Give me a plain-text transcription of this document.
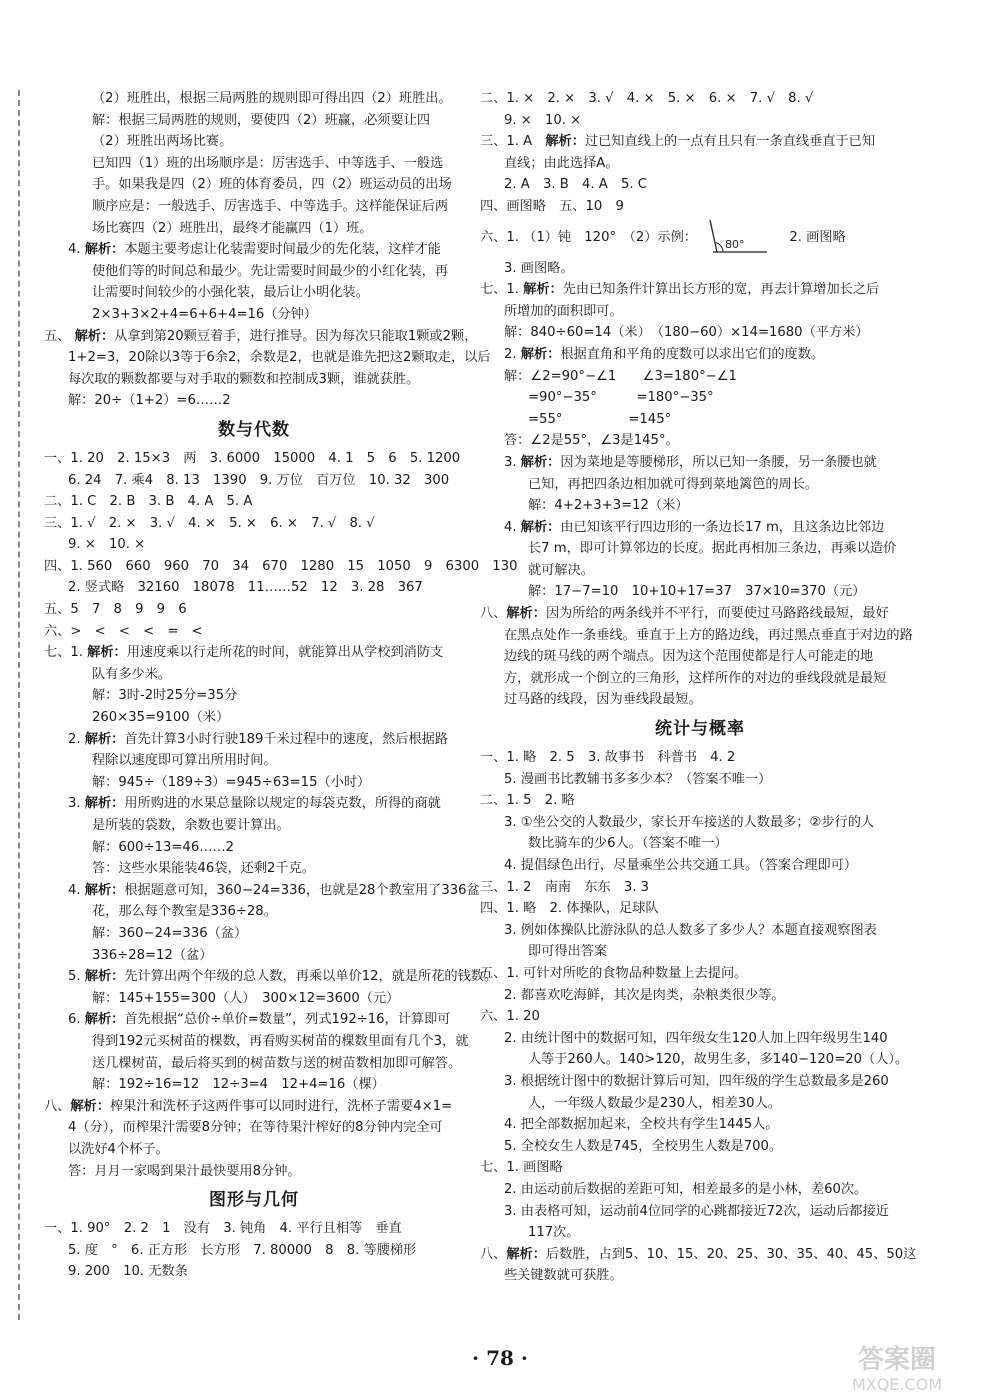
（2）班胜出，根据三局两胜的规则即可得出四（2）班胜出。
解：根据三局两胜的规则，要使四（2）班赢，必须要让四
（2）班胜出两场比赛。
已知四（1）班的出场顺序是：厉害选手、中等选手、一般选
手。如果我是四（2）班的体育委员，四（2）班运动员的出场
顺序应是：一般选手、厉害选手、中等选手。这样能保证后两
场比赛四（2）班胜出，最终才能赢四（1）班。
4. 解析：本题主要考虑让化装需要时间最少的先化装，这样才能
使他们等的时间总和最少。先让需要时间最少的小红化装，再
让需要时间较少的小强化装，最后让小明化装。
2×3+3×2+4=6+6+4=16（分钟）
五、 解析：从拿到第20颗豆着手，进行推导。因为每次只能取1颗或2颗，
1+2=3，20除以3等于6余2，余数是2，也就是谁先把这2颗取走，以后
每次取的颗数都要与对手取的颗数和控制成3颗，谁就获胜。
解：20÷（1+2）=6……2
数与代数
一、1. 20　2. 15×3　两　3. 6000　15000　4. 1　5　6　5. 1200
6. 24　7. 乘4　8. 13　1390　9. 万位　百万位　10. 32　300
二、1. C　2. B　3. B　4. A　5. A
三、1. √　2. ×　3. √　4. ×　5. ×　6. ×　7. √　8. √
9. ×　10. ×
四、1. 560　660　960　70　34　670　1280　15　1050　9　6300　130
2. 竖式略　32160　18078　11……52　12　3. 28　367
五、5　7　8　9　9　6
六、>　<　<　<　=　<
七、1. 解析：用速度乘以行走所花的时间，就能算出从学校到消防支
队有多少米。
解：3时-2时25分=35分
260×35=9100（米）
2. 解析：首先计算3小时行驶189千米过程中的速度，然后根据路
程除以速度即可算出所用时间。
解：945÷（189÷3）=945÷63=15（小时）
3. 解析：用所购进的水果总量除以规定的每袋克数，所得的商就
是所装的袋数，余数也要计算出。
解：600÷13=46……2
答：这些水果能装46袋，还剩2千克。
4. 解析：根据题意可知，360−24=336，也就是28个教室用了336盆
花，那么每个教室是336÷28。
解：360−24=336（盆）
336÷28=12（盆）
5. 解析：先计算出两个年级的总人数，再乘以单价12，就是所花的钱数。
解：145+155=300（人）　300×12=3600（元）
6. 解析：首先根据“总价÷单价=数量”，列式192÷16，计算即可
得到192元买树苗的棵数，再看购买树苗的棵数里面有几个3，就
送几棵树苗，最后将买到的树苗数与送的树苗数相加即可解答。
解：192÷16=12　12÷3=4　12+4=16（棵）
八、解析：榨果汁和洗杯子这两件事可以同时进行，洗杯子需要4×1=
4（分），而榨果汁需要8分钟；在等待果汁榨好的8分钟内完全可
以洗好4个杯子。
答：月月一家喝到果汁最快要用8分钟。
图形与几何
一、1. 90°　2. 2　1　没有　3. 钝角　4. 平行且相等　垂直
5. 度　°　6. 正方形　长方形　7. 80000　8　8. 等腰梯形
9. 200　10. 无数条
二、1. ×　2. ×　3. √　4. ×　5. ×　6. ×　7. √　8. √
9. ×　10. ×
三、1. A　解析：过已知直线上的一点有且只有一条直线垂直于已知
直线；由此选择A。
2. A　3. B　4. A　5. C
四、画图略　五、10　9
六、1. （1）钝　120°　（2）示例：	80°	2. 画图略
3. 画图略。
七、1. 解析：先由已知条件计算出长方形的宽，再去计算增加长之后
所增加的面积即可。
解：840÷60=14（米）　（180−60）×14=1680（平方米）
2. 解析：根据直角和平角的度数可以求出它们的度数。
解：∠2=90°−∠1　　∠3=180°−∠1
=90°−35°　　　=180°−35°
=55°　　　　　=145°
答：∠2是55°，∠3是145°。
3. 解析：因为菜地是等腰梯形，所以已知一条腰，另一条腰也就
已知，再把四条边相加就可得到菜地篱笆的周长。
解：4+2+3+3=12（米）
4. 解析：由已知该平行四边形的一条边长17 m，且这条边比邻边
长7 m，即可计算邻边的长度。据此再相加三条边，再乘以造价
就可解决。
解：17−7=10　10+10+17=37　37×10=370（元）
八、解析：因为所给的两条线并不平行，而要使过马路路线最短，最好
在黑点处作一条垂线。垂直于上方的路边线，再过黑点垂直于对边的路
边线的斑马线的两个端点。因为这个范围使都是行人可能走的地
方，就形成一个倒立的三角形，这样所作的对边的垂线段就是最短
过马路的线段，因为垂线段最短。
统计与概率
一、1. 略　2. 5　3. 故事书　科普书　4. 2
5. 漫画书比教辅书多多少本？（答案不唯一）
二、1. 5　2. 略
3. ①坐公交的人数最少，家长开车接送的人数最多；②步行的人
数比骑车的少6人。（答案不唯一）
4. 提倡绿色出行，尽量乘坐公共交通工具。（答案合理即可）
三、1. 2　南南　东东　3. 3
四、1. 略　2. 体操队，足球队
3. 例如体操队比游泳队的总人数多了多少人？本题直接观察图表
即可得出答案
五、1. 可针对所吃的食物品种数量上去提问。
2. 都喜欢吃海鲜，其次是肉类，杂粮类很少等。
六、1. 20
2. 由统计图中的数据可知，四年级女生120人加上四年级男生140
人等于260人。140>120，故男生多，多140−120=20（人）。
3. 根据统计图中的数据计算后可知，四年级的学生总数最多是260
人，一年级人数最少是230人，相差30人。
4. 把全部数据加起来，全校共有学生1445人。
5. 全校女生人数是745，全校男生人数是700。
七、1. 画图略
2. 由运动前后数据的差距可知，相差最多的是小林，差60次。
3. 由表格可知，运动前4位同学的心跳都接近72次，运动后都接近
117次。
八、解析：后数胜，占到5、10、15、20、25、30、35、40、45、50这
些关键数就可获胜。
· 78 ·	答案圈
MXQE.COM
